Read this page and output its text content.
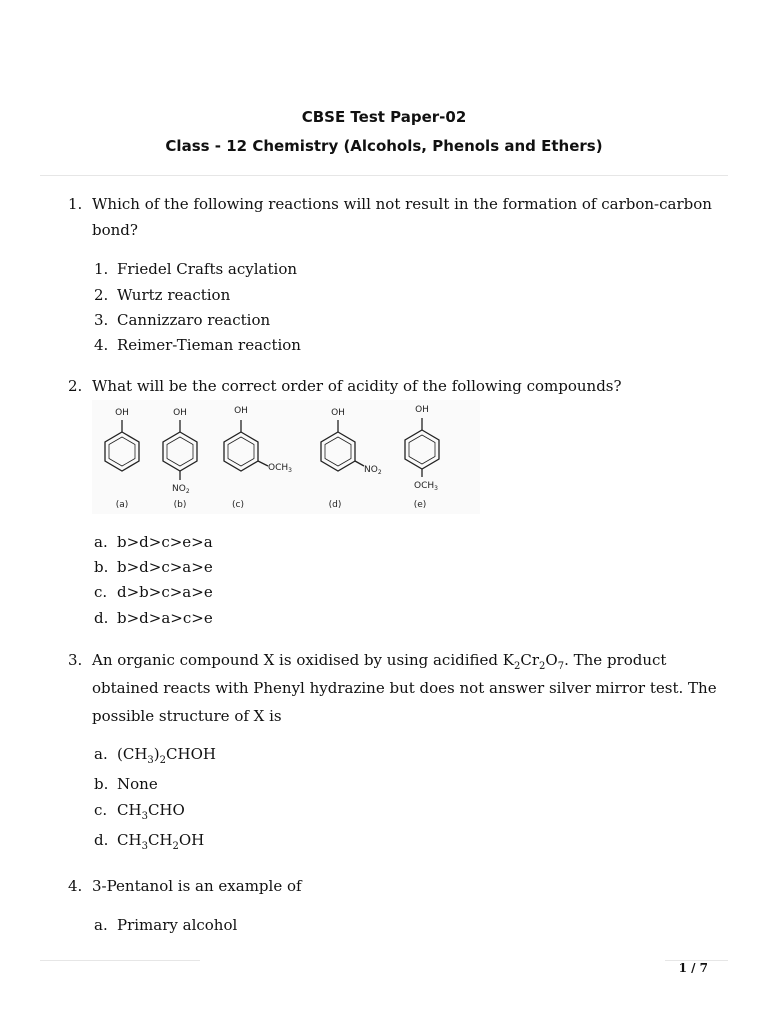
CBSE Test Paper-02
Class - 12 Chemistry (Alcohols, Phenols and Ethers)
1. Which of the following reactions will not result in the formation of carbon-carbon bond?
1. Friedel Crafts acylation
2. Wurtz reaction
3. Cannizzaro reaction
4. Reimer-Tieman reaction
2. What will be the correct order of acidity of the following compounds?
OH	OH	OH	OH	OH
$NO_2$
$OCH_3$	$NO_2$
$OCH_3$
(a)	(b)	(c)	(d)	(e)
a. b>d>c>e>a
b. b>d>c>a>e
c. d>b>c>a>e
d. b>d>a>c>e
3. An organic compound X is oxidised by using acidified $K_2Cr_2O_7$. The product obtained reacts with Phenyl hydrazine but does not answer silver mirror test. The possible structure of X is
a. $(CH_3)_2CHOH$
b. None
c. $CH_3CHO$
d. $CH_3CH_2OH$
4. 3-Pentanol is an example of
a. Primary alcohol
1 / 7
